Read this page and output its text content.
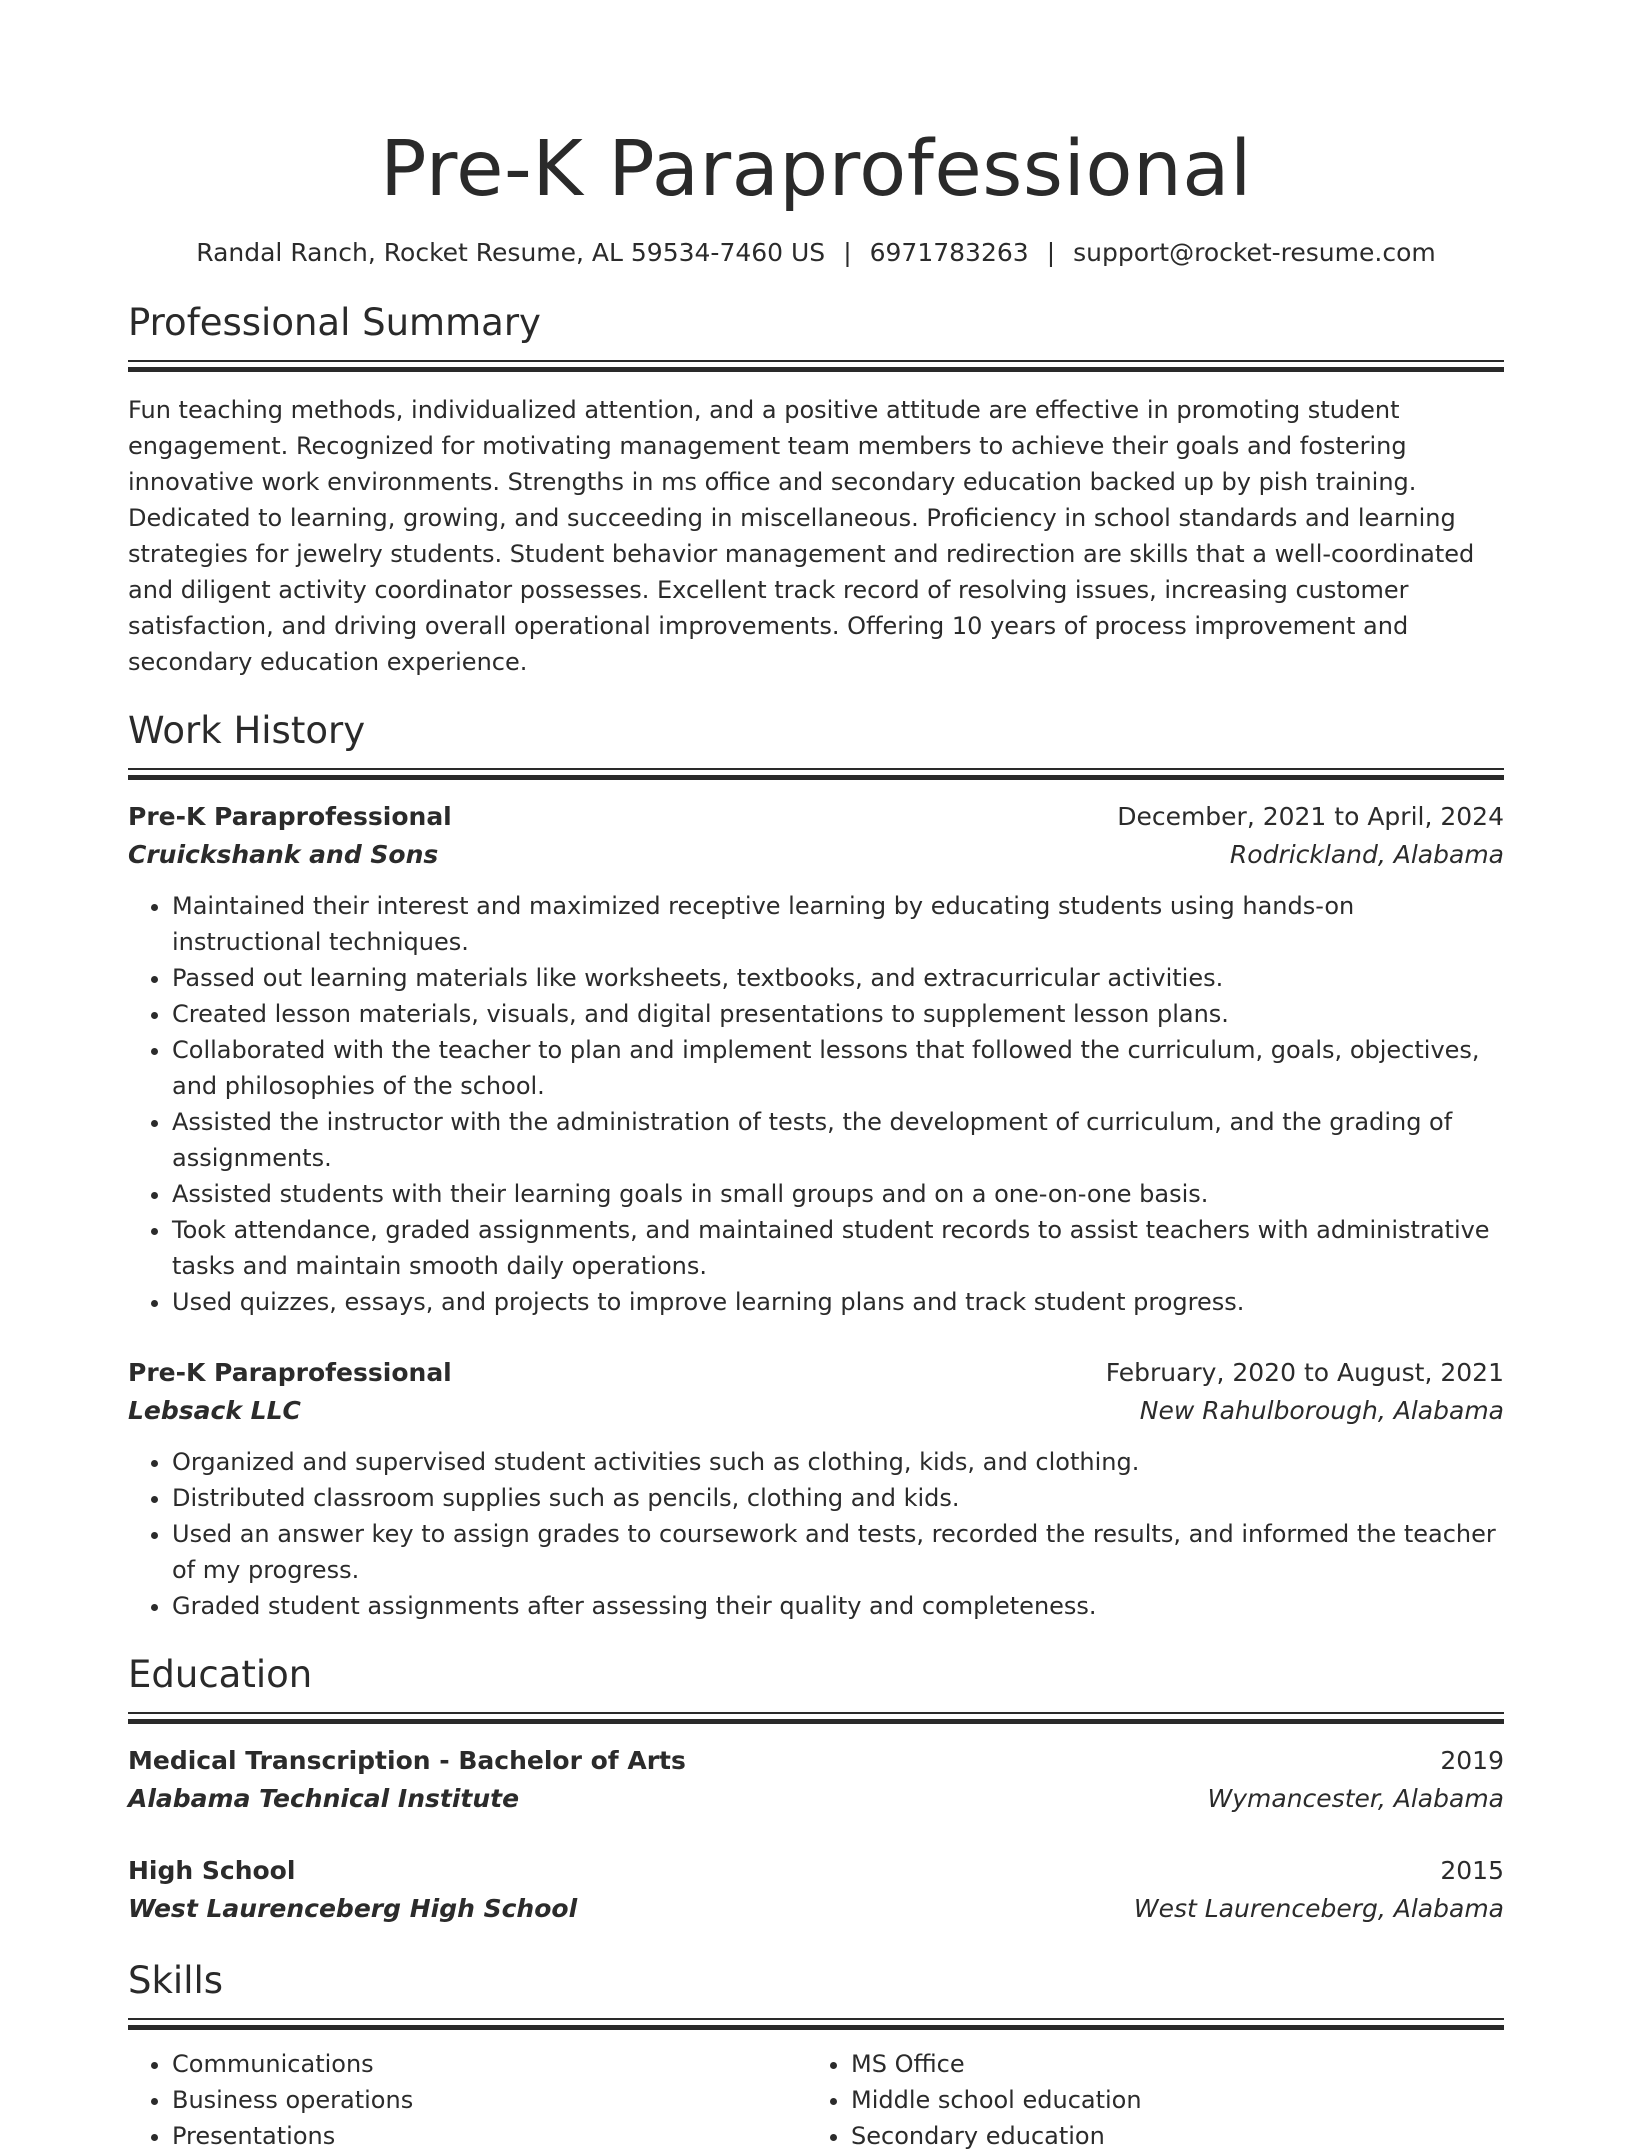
Pre-K Paraprofessional
Randal Ranch, Rocket Resume, AL 59534-7460 US | 6971783263 | support@rocket-resume.com
Professional Summary
Fun teaching methods, individualized attention, and a positive attitude are effective in promoting student engagement. Recognized for motivating management team members to achieve their goals and fostering innovative work environments. Strengths in ms office and secondary education backed up by pish training. Dedicated to learning, growing, and succeeding in miscellaneous. Proficiency in school standards and learning strategies for jewelry students. Student behavior management and redirection are skills that a well-coordinated and diligent activity coordinator possesses. Excellent track record of resolving issues, increasing customer satisfaction, and driving overall operational improvements. Offering 10 years of process improvement and secondary education experience.
Work History
Pre-K Paraprofessional	December, 2021 to April, 2024
Cruickshank and Sons	Rodrickland, Alabama
• Maintained their interest and maximized receptive learning by educating students using hands-on instructional techniques.
• Passed out learning materials like worksheets, textbooks, and extracurricular activities.
• Created lesson materials, visuals, and digital presentations to supplement lesson plans.
• Collaborated with the teacher to plan and implement lessons that followed the curriculum, goals, objectives, and philosophies of the school.
• Assisted the instructor with the administration of tests, the development of curriculum, and the grading of assignments.
• Assisted students with their learning goals in small groups and on a one-on-one basis.
• Took attendance, graded assignments, and maintained student records to assist teachers with administrative tasks and maintain smooth daily operations.
• Used quizzes, essays, and projects to improve learning plans and track student progress.
Pre-K Paraprofessional	February, 2020 to August, 2021
Lebsack LLC	New Rahulborough, Alabama
• Organized and supervised student activities such as clothing, kids, and clothing.
• Distributed classroom supplies such as pencils, clothing and kids.
• Used an answer key to assign grades to coursework and tests, recorded the results, and informed the teacher of my progress.
• Graded student assignments after assessing their quality and completeness.
Education
Medical Transcription - Bachelor of Arts	2019
Alabama Technical Institute	Wymancester, Alabama
High School	2015
West Laurenceberg High School	West Laurenceberg, Alabama
Skills
• Communications
• Business operations
• Presentations
• MS Office
• Middle school education
• Secondary education
